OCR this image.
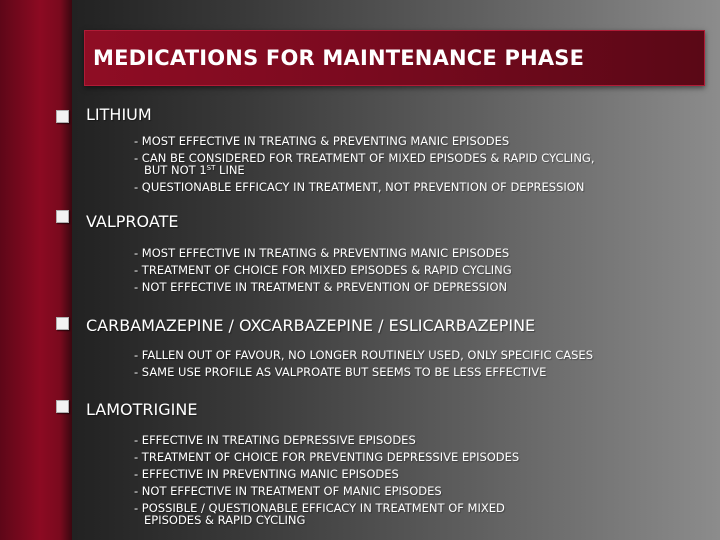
MEDICATIONS FOR MAINTENANCE PHASE
LITHIUM
- MOST EFFECTIVE IN TREATING & PREVENTING MANIC EPISODES
- CAN BE CONSIDERED FOR TREATMENT OF MIXED EPISODES & RAPID CYCLING,
BUT NOT 1ST LINE
- QUESTIONABLE EFFICACY IN TREATMENT, NOT PREVENTION OF DEPRESSION
VALPROATE
- MOST EFFECTIVE IN TREATING & PREVENTING MANIC EPISODES
- TREATMENT OF CHOICE FOR MIXED EPISODES & RAPID CYCLING
- NOT EFFECTIVE IN TREATMENT & PREVENTION OF DEPRESSION
CARBAMAZEPINE / OXCARBAZEPINE / ESLICARBAZEPINE
- FALLEN OUT OF FAVOUR, NO LONGER ROUTINELY USED, ONLY SPECIFIC CASES
- SAME USE PROFILE AS VALPROATE BUT SEEMS TO BE LESS EFFECTIVE
LAMOTRIGINE
- EFFECTIVE IN TREATING DEPRESSIVE EPISODES
- TREATMENT OF CHOICE FOR PREVENTING DEPRESSIVE EPISODES
- EFFECTIVE IN PREVENTING MANIC EPISODES
- NOT EFFECTIVE IN TREATMENT OF MANIC EPISODES
- POSSIBLE / QUESTIONABLE EFFICACY IN TREATMENT OF MIXED
EPISODES & RAPID CYCLING
